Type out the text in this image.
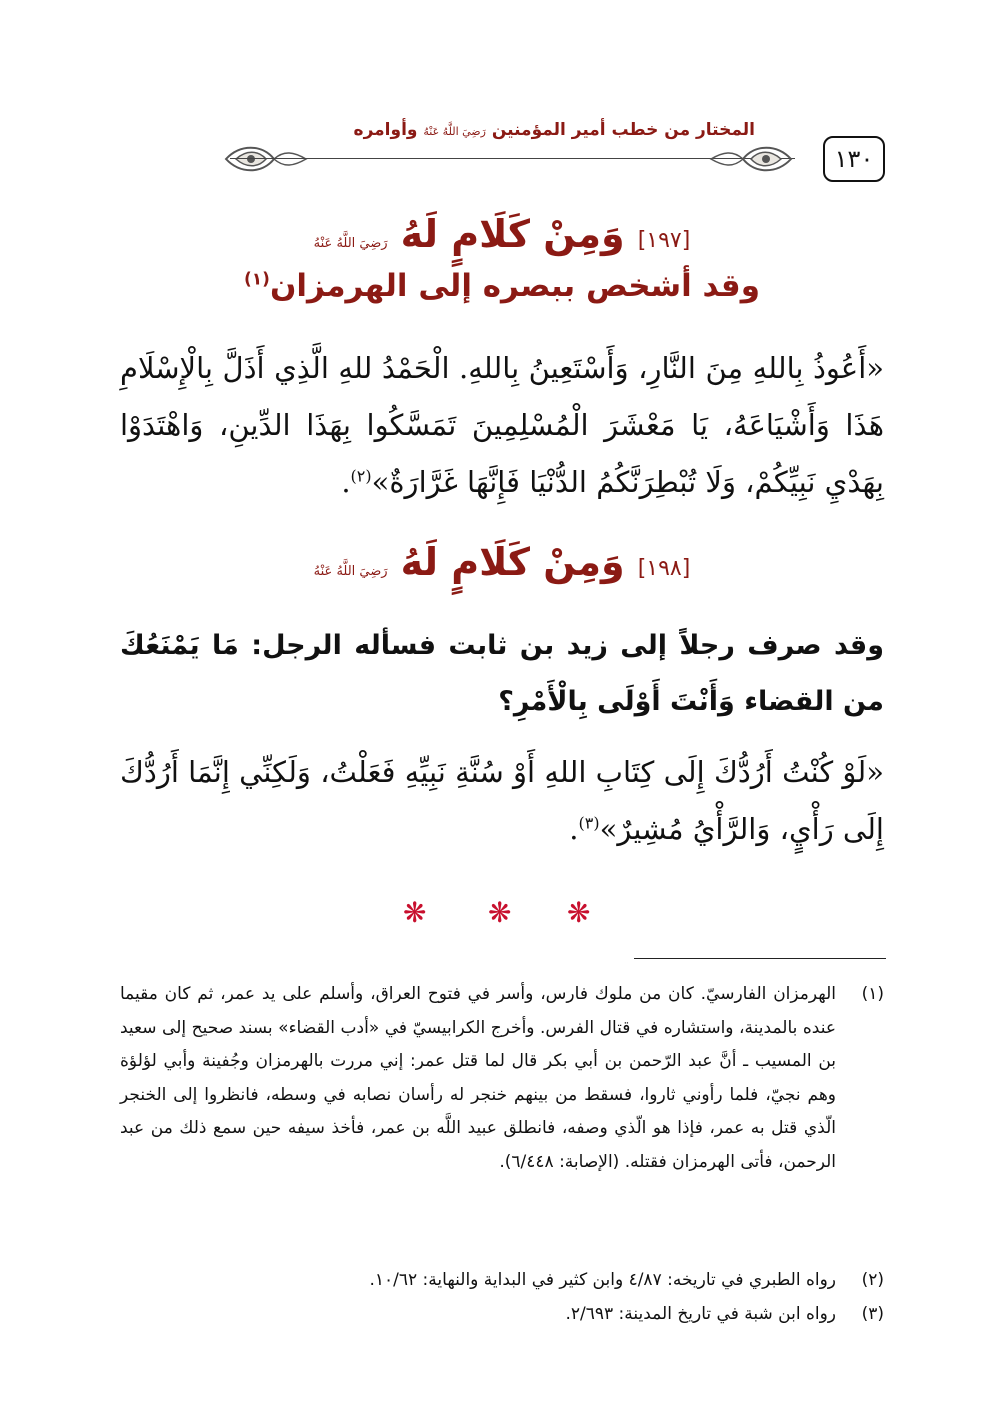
المختار من خطب أمير المؤمنين رَضِيَ اللَّهُ عَنْهُ وأوامره
١٣٠
[١٩٧] وَمِنْ كَلَامٍ لَهُ رَضِيَ اللَّهُ عَنْهُ
وقد أشخص ببصره إلى الهرمزان$^{(١)}$
«أَعُوذُ بِاللهِ مِنَ النَّارِ، وَأَسْتَعِينُ بِاللهِ. الْحَمْدُ للهِ الَّذِي أَذَلَّ بِالْإِسْلَامِ هَذَا وَأَشْيَاعَهُ، يَا مَعْشَرَ الْمُسْلِمِينَ تَمَسَّكُوا بِهَذَا الدِّينِ، وَاهْتَدَوْا بِهَدْيِ نَبِيِّكُمْ، وَلَا تُبْطِرَنَّكُمُ الدُّنْيَا فَإِنَّهَا غَرَّارَةٌ»$^{(٢)}$.
[١٩٨] وَمِنْ كَلَامٍ لَهُ رَضِيَ اللَّهُ عَنْهُ
وقد صرف رجلاً إلى زيد بن ثابت فسأله الرجل: مَا يَمْنَعُكَ من القضاء وَأَنْتَ أَوْلَى بِالْأَمْرِ؟
«لَوْ كُنْتُ أَرُدُّكَ إِلَى كِتَابِ اللهِ أَوْ سُنَّةِ نَبِيِّهِ فَعَلْتُ، وَلَكِنِّي إِنَّمَا أَرُدُّكَ إِلَى رَأْيٍ، وَالرَّأْيُ مُشِيرٌ»$^{(٣)}$.
❋ ❋ ❋
(١)
الهرمزان الفارسيّ. كان من ملوك فارس، وأسر في فتوح العراق، وأسلم على يد عمر، ثم كان مقيما عنده بالمدينة، واستشاره في قتال الفرس. وأخرج الكرابيسيّ في «أدب القضاء» بسند صحيح إلى سعيد بن المسيب ـ أنَّ عبد الرّحمن بن أبي بكر قال لما قتل عمر: إني مررت بالهرمزان وجُفينة وأبي لؤلؤة وهم نجيّ، فلما رأوني ثاروا، فسقط من بينهم خنجر له رأسان نصابه في وسطه، فانظروا إلى الخنجر الّذي قتل به عمر، فإذا هو الّذي وصفه، فانطلق عبيد اللَّه بن عمر، فأخذ سيفه حين سمع ذلك من عبد الرحمن، فأتى الهرمزان فقتله. (الإصابة: ٦/٤٤٨).
(٢)
رواه الطبري في تاريخه: ٤/٨٧ وابن كثير في البداية والنهاية: ١٠/٦٢.
(٣)
رواه ابن شبة في تاريخ المدينة: ٢/٦٩٣.
